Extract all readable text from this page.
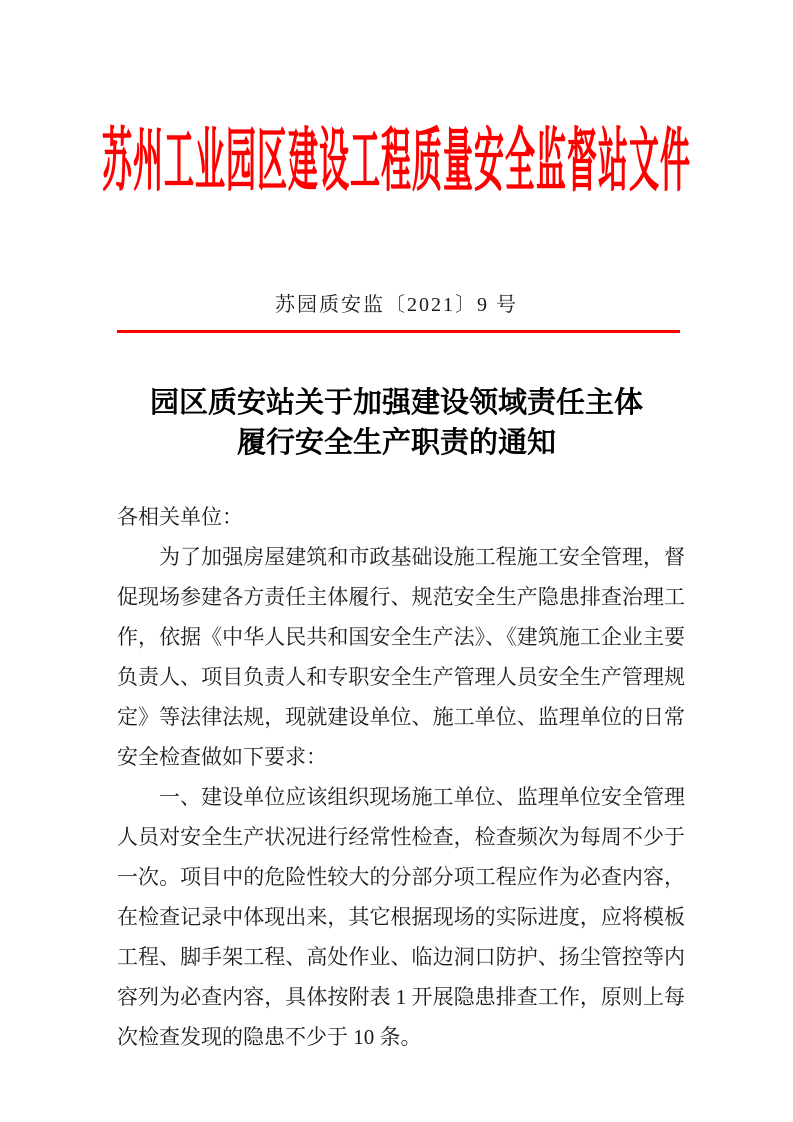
苏州工业园区建设工程质量安全监督站文件
苏园质安监〔2021〕9 号
园区质安站关于加强建设领域责任主体
履行安全生产职责的通知

各相关单位：

为了加强房屋建筑和市政基础设施工程施工安全管理，督促现场参建各方责任主体履行、规范安全生产隐患排查治理工作，依据《中华人民共和国安全生产法》、《建筑施工企业主要负责人、项目负责人和专职安全生产管理人员安全生产管理规定》等法律法规，现就建设单位、施工单位、监理单位的日常安全检查做如下要求：

一、建设单位应该组织现场施工单位、监理单位安全管理人员对安全生产状况进行经常性检查，检查频次为每周不少于一次。项目中的危险性较大的分部分项工程应作为必查内容，在检查记录中体现出来，其它根据现场的实际进度，应将模板工程、脚手架工程、高处作业、临边洞口防护、扬尘管控等内容列为必查内容，具体按附表 1 开展隐患排查工作，原则上每次检查发现的隐患不少于 10 条。
